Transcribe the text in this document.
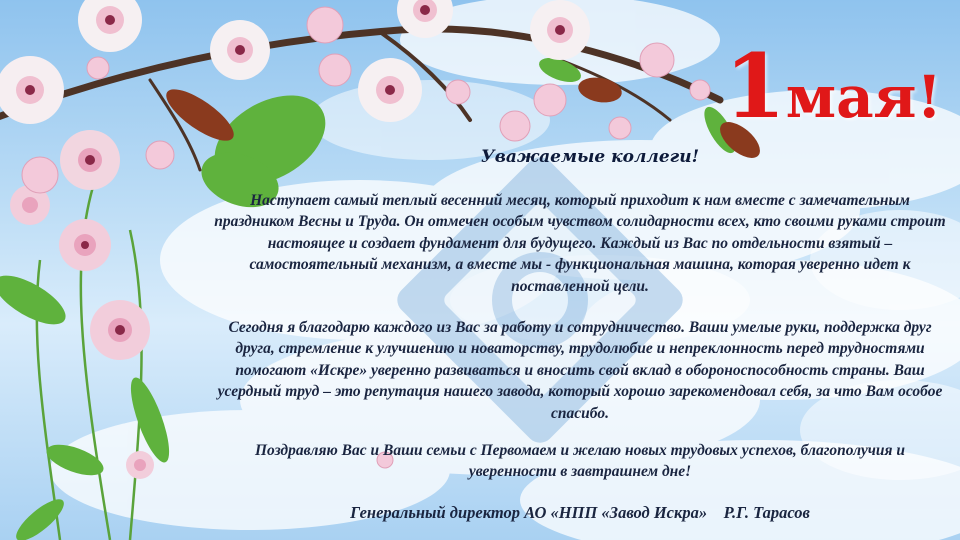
1мая!

Уважаемые коллеги!

Наступает самый теплый весенний месяц, который приходит к нам вместе с замечательным праздником Весны и Труда. Он отмечен особым чувством солидарности всех, кто своими руками строит настоящее и создает фундамент для будущего. Каждый из Вас по отдельности взятый – самостоятельный механизм, а вместе мы - функциональная машина, которая уверенно идет к поставленной цели.

Сегодня я благодарю каждого из Вас за работу и сотрудничество. Ваши умелые руки, поддержка друг друга, стремление к улучшению и новаторству, трудолюбие и непреклонность перед трудностями помогают «Искре» уверенно развиваться и вносить свой вклад в обороноспособность страны. Ваш усердный труд – это репутация нашего завода, который хорошо зарекомендовал себя, за что Вам особое спасибо.

Поздравляю Вас и Ваши семьи с Первомаем и желаю новых трудовых успехов, благополучия и уверенности в завтрашнем дне!

Генеральный директор АО «НПП «Завод Искра» Р.Г. Тарасов
